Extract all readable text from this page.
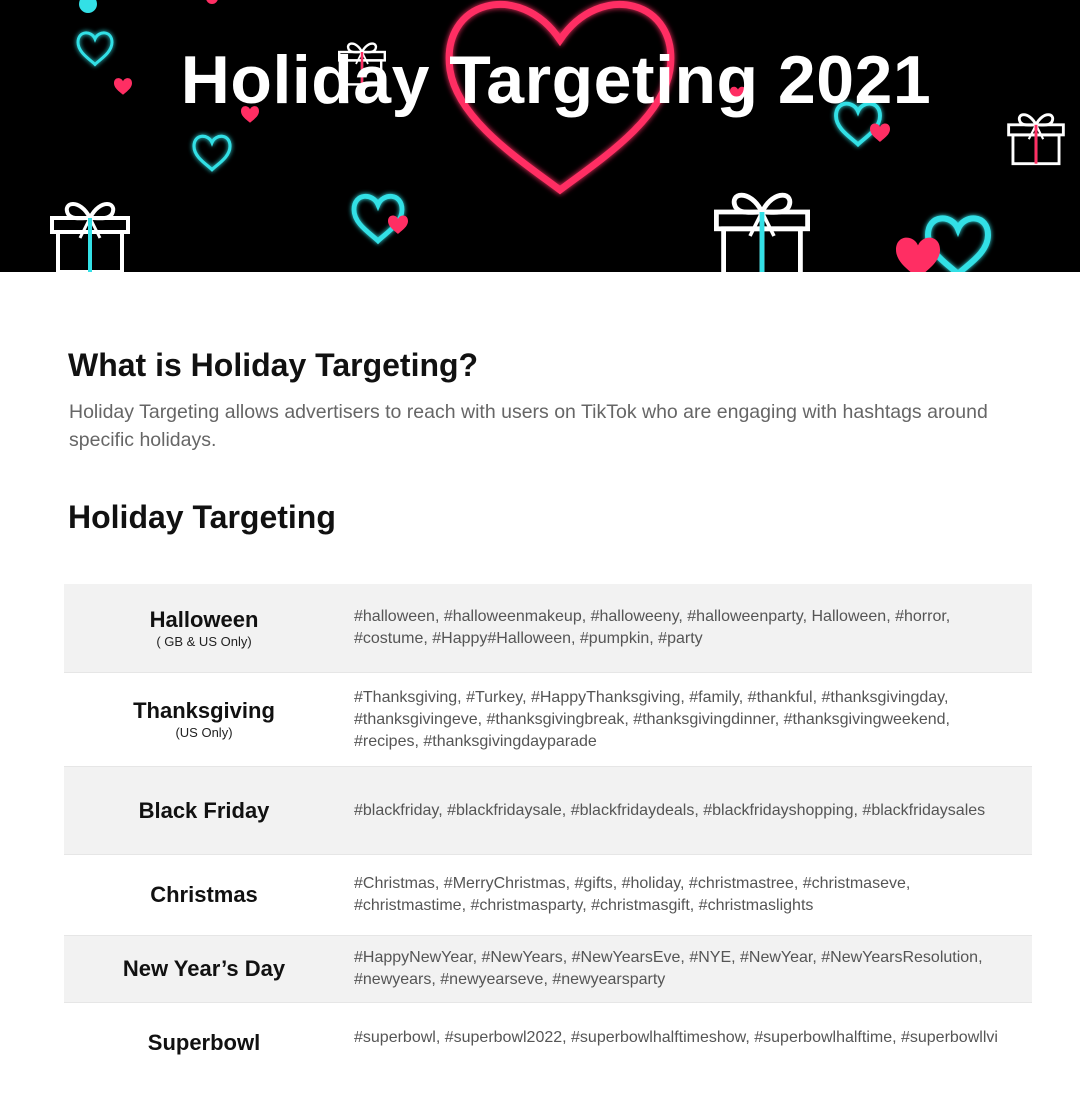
Holiday Targeting 2021
What is Holiday Targeting?

Holiday Targeting allows advertisers to reach with users on TikTok who are engaging with hashtags around specific holidays.

Holiday Targeting
Halloween
( GB & US Only)
#halloween, #halloweenmakeup, #halloweeny, #halloweenparty, Halloween, #horror, #costume, #Happy#Halloween, #pumpkin, #party
Thanksgiving
(US Only)
#Thanksgiving, #Turkey, #HappyThanksgiving, #family, #thankful, #thanksgivingday, #thanksgivingeve, #thanksgivingbreak, #thanksgivingdinner, #thanksgivingweekend, #recipes, #thanksgivingdayparade
Black Friday	#blackfriday, #blackfridaysale, #blackfridaydeals, #blackfridayshopping, #blackfridaysales
Christmas	#Christmas, #MerryChristmas, #gifts, #holiday, #christmastree, #christmaseve, #christmastime, #christmasparty, #christmasgift, #christmaslights
New Year’s Day	#HappyNewYear, #NewYears, #NewYearsEve, #NYE, #NewYear, #NewYearsResolution, #newyears, #newyearseve, #newyearsparty
Superbowl	#superbowl, #superbowl2022, #superbowlhalftimeshow, #superbowlhalftime, #superbowllvi
